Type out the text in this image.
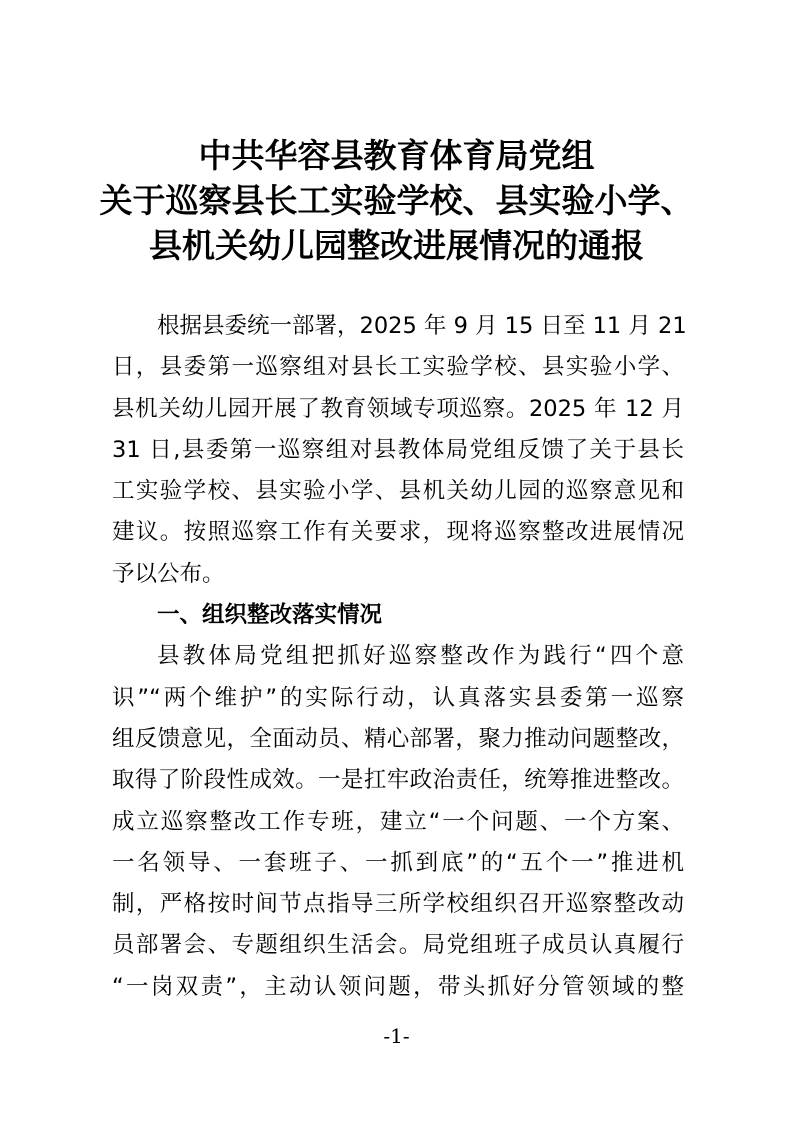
中共华容县教育体育局党组
关于巡察县长工实验学校、县实验小学、
县机关幼儿园整改进展情况的通报
根据县委统一部署，2025 年 9 月 15 日至 11 月 21
日，县委第一巡察组对县长工实验学校、县实验小学、
县机关幼儿园开展了教育领域专项巡察。2025 年 12 月
31 日,县委第一巡察组对县教体局党组反馈了关于县长
工实验学校、县实验小学、县机关幼儿园的巡察意见和
建议。按照巡察工作有关要求，现将巡察整改进展情况
予以公布。
一、组织整改落实情况
县教体局党组把抓好巡察整改作为践行“四个意
识”“两个维护”的实际行动，认真落实县委第一巡察
组反馈意见，全面动员、精心部署，聚力推动问题整改，
取得了阶段性成效。一是扛牢政治责任，统筹推进整改。
成立巡察整改工作专班，建立“一个问题、一个方案、
一名领导、一套班子、一抓到底”的“五个一”推进机
制，严格按时间节点指导三所学校组织召开巡察整改动
员部署会、专题组织生活会。局党组班子成员认真履行
“一岗双责”，主动认领问题，带头抓好分管领域的整
-1-
